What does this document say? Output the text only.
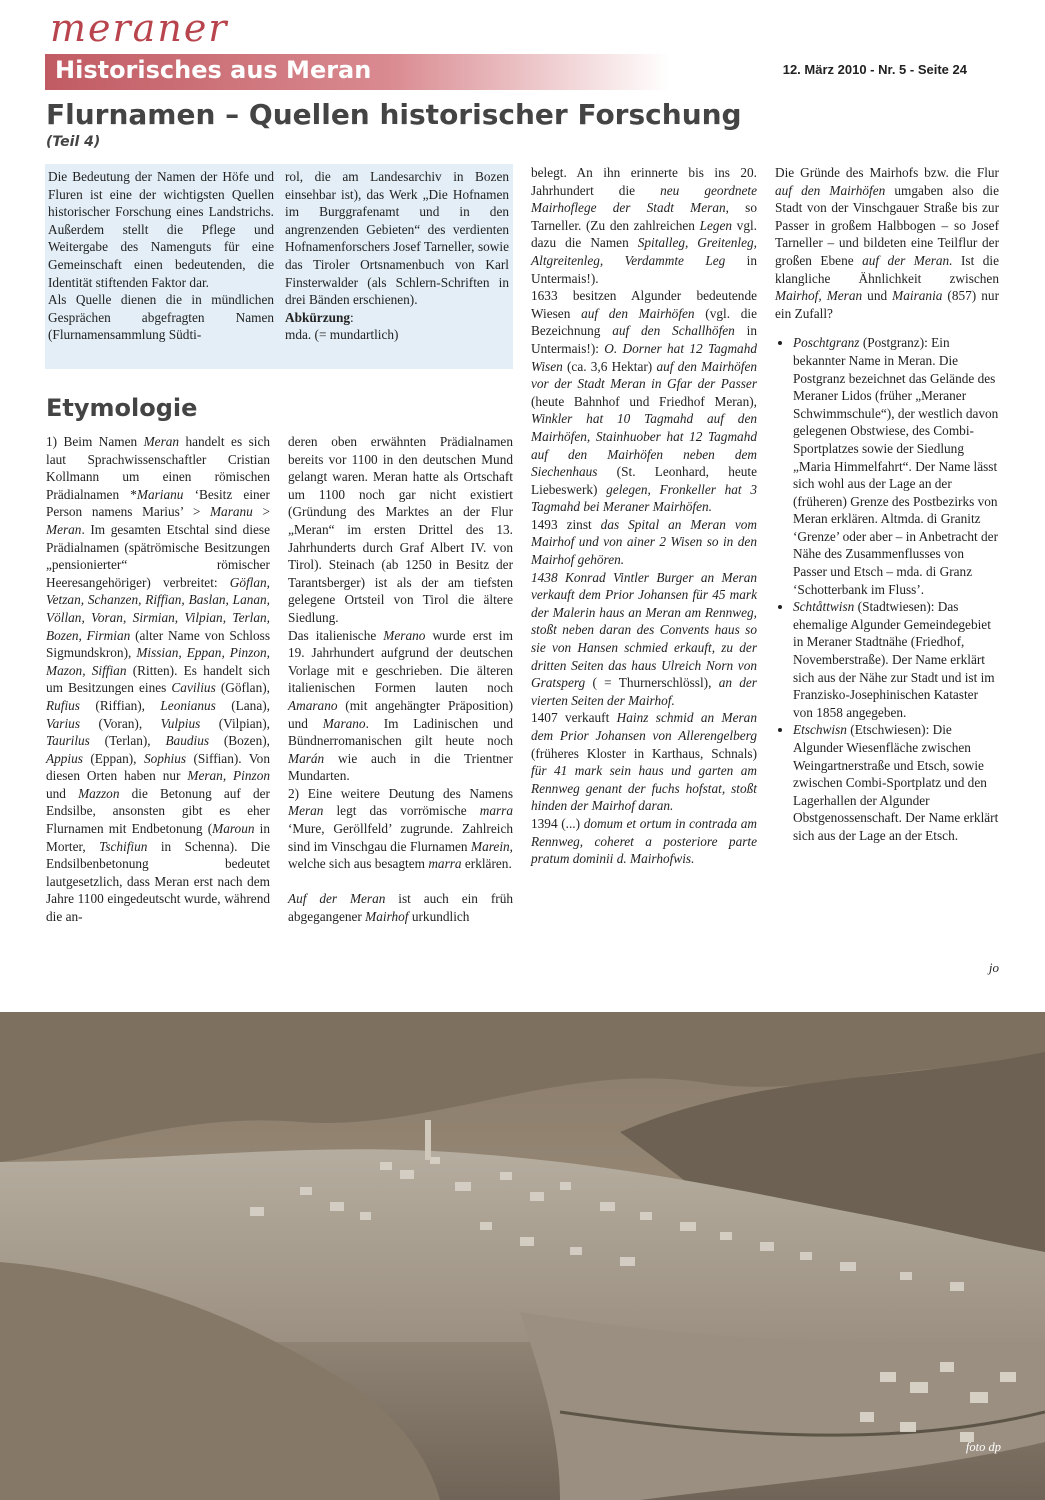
meraner
Historisches aus Meran	12. März 2010 - Nr. 5 - Seite 24
Flurnamen – Quellen historischer Forschung
(Teil 4)

Die Bedeutung der Namen der Höfe und Fluren ist eine der wichtigsten Quellen historischer Forschung eines Landstrichs. Außerdem stellt die Pflege und Weitergabe des Namenguts für eine Gemeinschaft einen bedeutenden, die Identität stiftenden Faktor dar.

Als Quelle dienen die in mündlichen Gesprächen abgefragten Namen (Flurnamensammlung Südti-

rol, die am Landesarchiv in Bozen einsehbar ist), das Werk „Die Hofnamen im Burggrafenamt und in den angrenzenden Gebieten“ des verdienten Hofnamenforschers Josef Tarneller, sowie das Tiroler Ortsnamenbuch von Karl Finsterwalder (als Schlern-Schriften in drei Bänden erschienen).

Abkürzung:
mda. (= mundartlich)

Etymologie

1) Beim Namen Meran handelt es sich laut Sprachwissenschaftler Cristian Kollmann um einen römischen Prädialnamen *Marianu ‘Besitz einer Person namens Marius’ > Maranu > Meran. Im gesamten Etschtal sind diese Prädialnamen (spätrömische Besitzungen „pensionierter“ römischer Heeresangehöriger) verbreitet: Göflan, Vetzan, Schanzen, Riffian, Baslan, Lanan, Völlan, Voran, Sirmian, Vilpian, Terlan, Bozen, Firmian (alter Name von Schloss Sigmundskron), Missian, Eppan, Pinzon, Mazon, Siffian (Ritten). Es handelt sich um Besitzungen eines Cavilius (Göflan), Rufius (Riffian), Leonianus (Lana), Varius (Voran), Vulpius (Vilpian), Taurilus (Terlan), Baudius (Bozen), Appius (Eppan), Sophius (Siffian). Von diesen Orten haben nur Meran, Pinzon und Mazzon die Betonung auf der Endsilbe, ansonsten gibt es eher Flurnamen mit Endbetonung (Maroun in Morter, Tschifiun in Schenna). Die Endsilbenbetonung bedeutet lautgesetzlich, dass Meran erst nach dem Jahre 1100 eingedeutscht wurde, während die an-

deren oben erwähnten Prädialnamen bereits vor 1100 in den deutschen Mund gelangt waren. Meran hatte als Ortschaft um 1100 noch gar nicht existiert (Gründung des Marktes an der Flur „Meran“ im ersten Drittel des 13. Jahrhunderts durch Graf Albert IV. von Tirol). Steinach (ab 1250 in Besitz der Tarantsberger) ist als der am tiefsten gelegene Ortsteil von Tirol die ältere Siedlung.

Das italienische Merano wurde erst im 19. Jahrhundert aufgrund der deutschen Vorlage mit e geschrieben. Die älteren italienischen Formen lauten noch Amarano (mit angehängter Präposition) und Marano. Im Ladinischen und Bündnerromanischen gilt heute noch Marán wie auch in die Trientner Mundarten.

2) Eine weitere Deutung des Namens Meran legt das vorrömische marra ‘Mure, Geröllfeld’ zugrunde. Zahlreich sind im Vinschgau die Flurnamen Marein, welche sich aus besagtem marra erklären.

Auf der Meran ist auch ein früh abgegangener Mairhof urkundlich

belegt. An ihn erinnerte bis ins 20. Jahrhundert die neu geordnete Mairhoflege der Stadt Meran, so Tarneller. (Zu den zahlreichen Legen vgl. dazu die Namen Spitalleg, Greitenleg, Altgreitenleg, Verdammte Leg in Untermais!).

1633 besitzen Algunder bedeutende Wiesen auf den Mairhöfen (vgl. die Bezeichnung auf den Schallhöfen in Untermais!): O. Dorner hat 12 Tagmahd Wisen (ca. 3,6 Hektar) auf den Mairhöfen vor der Stadt Meran in Gfar der Passer (heute Bahnhof und Friedhof Meran), Winkler hat 10 Tagmahd auf den Mairhöfen, Stainhuober hat 12 Tagmahd auf den Mairhöfen neben dem Siechenhaus (St. Leonhard, heute Liebeswerk) gelegen, Fronkeller hat 3 Tagmahd bei Meraner Mairhöfen.

1493 zinst das Spital an Meran vom Mairhof und von ainer 2 Wisen so in den Mairhof gehören.

1438 Konrad Vintler Burger an Meran verkauft dem Prior Johansen für 45 mark der Malerin haus an Meran am Rennweg, stoßt neben daran des Convents haus so sie von Hansen schmied erkauft, zu der dritten Seiten das haus Ulreich Norn von Gratsperg ( = Thurnerschlössl), an der vierten Seiten der Mairhof.

1407 verkauft Hainz schmid an Meran dem Prior Johansen von Allerengelberg (früheres Kloster in Karthaus, Schnals) für 41 mark sein haus und garten am Rennweg genant der fuchs hofstat, stoßt hinden der Mairhof daran.

1394 (...) domum et ortum in contrada am Rennweg, coheret a posteriore parte pratum dominii d. Mairhofwis.

Die Gründe des Mairhofs bzw. die Flur auf den Mairhöfen umgaben also die Stadt von der Vinschgauer Straße bis zur Passer in großem Halbbogen – so Josef Tarneller – und bildeten eine Teilflur der großen Ebene auf der Meran. Ist die klangliche Ähnlichkeit zwischen Mairhof, Meran und Mairania (857) nur ein Zufall?

• Poschtgranz (Postgranz): Ein bekannter Name in Meran. Die Postgranz bezeichnet das Gelände des Meraner Lidos (früher „Meraner Schwimmschule“), der westlich davon gelegenen Obstwiese, des Combi-Sportplatzes sowie der Siedlung „Maria Himmelfahrt“. Der Name lässt sich wohl aus der Lage an der (früheren) Grenze des Postbezirks von Meran erklären. Altmda. di Granitz ‘Grenze’ oder aber – in Anbetracht der Nähe des Zusammenflusses von Passer und Etsch – mda. di Granz ‘Schotterbank im Fluss’.
• Schtåttwisn (Stadtwiesen): Das ehemalige Algunder Gemeindegebiet in Meraner Stadtnähe (Friedhof, Novemberstraße). Der Name erklärt sich aus der Nähe zur Stadt und ist im Franzisko-Josephinischen Kataster von 1858 angegeben.
• Etschwisn (Etschwiesen): Die Algunder Wiesenfläche zwischen Weingartnerstraße und Etsch, sowie zwischen Combi-Sportplatz und den Lagerhallen der Algunder Obstgenossenschaft. Der Name erklärt sich aus der Lage an der Etsch.
jo
foto dp
